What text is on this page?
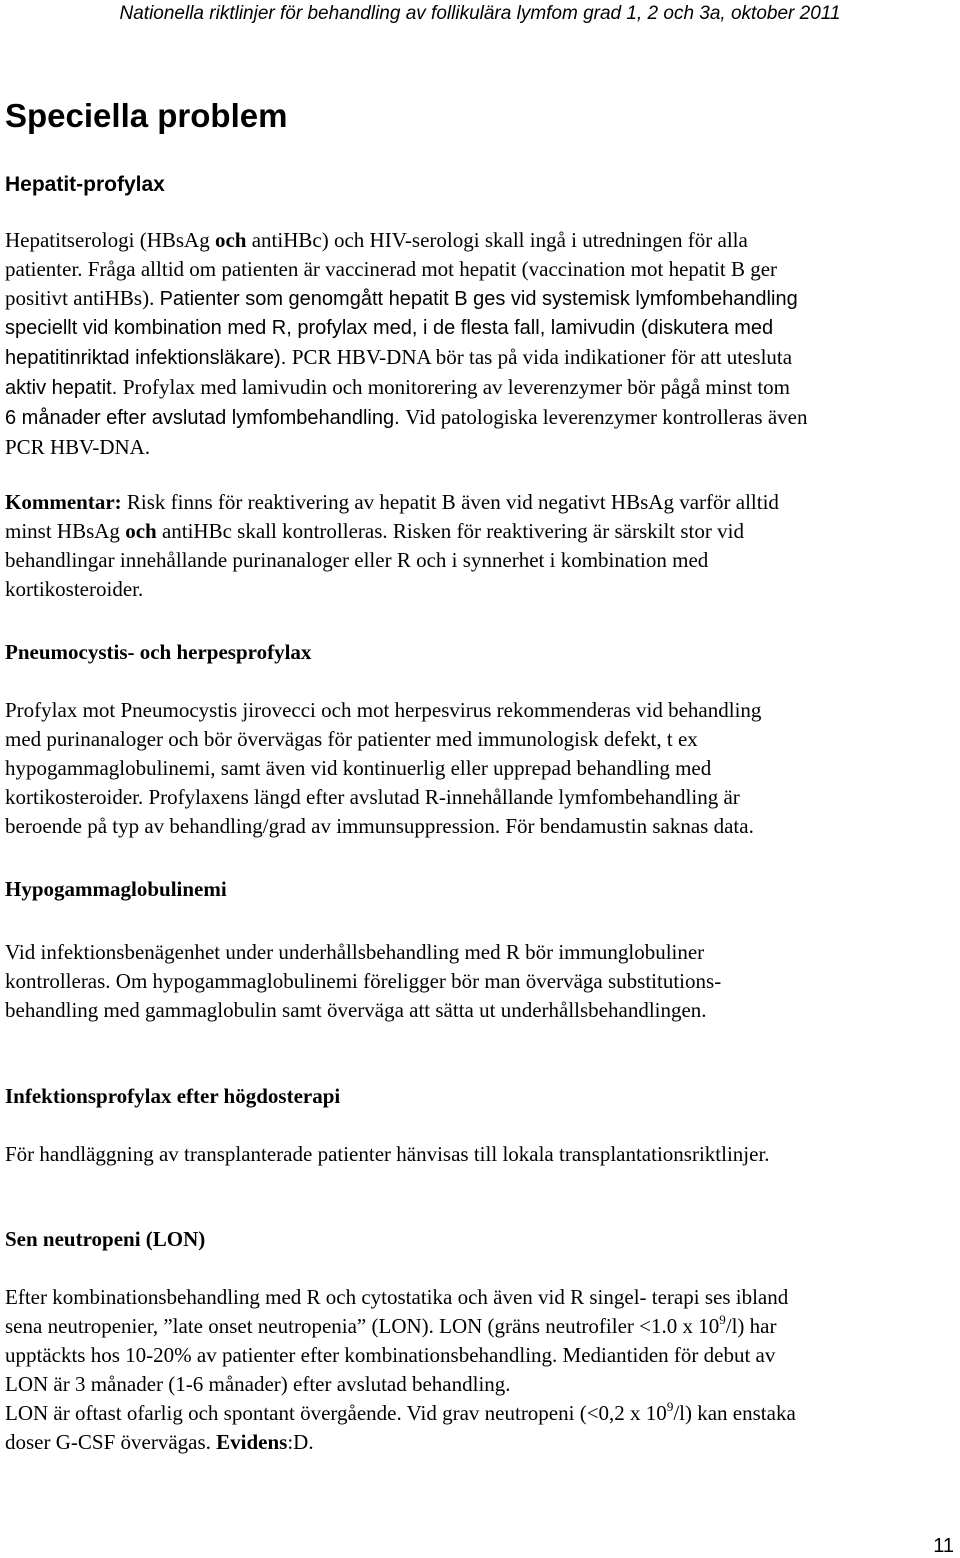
Nationella riktlinjer för behandling av follikulära lymfom grad 1, 2 och 3a, oktober 2011
Speciella problem
Hepatit-profylax
Hepatitserologi (HBsAg och antiHBc) och HIV-serologi skall ingå i utredningen för alla
patienter. Fråga alltid om patienten är vaccinerad mot hepatit (vaccination mot hepatit B ger
positivt antiHBs). Patienter som genomgått hepatit B ges vid systemisk lymfombehandling
speciellt vid kombination med R, profylax med, i de flesta fall, lamivudin (diskutera med
hepatitinriktad infektionsläkare). PCR HBV-DNA bör tas på vida indikationer för att utesluta
aktiv hepatit. Profylax med lamivudin och monitorering av leverenzymer bör pågå minst tom
6 månader efter avslutad lymfombehandling. Vid patologiska leverenzymer kontrolleras även
PCR HBV-DNA.
Kommentar: Risk finns för reaktivering av hepatit B även vid negativt HBsAg varför alltid
minst HBsAg och antiHBc skall kontrolleras. Risken för reaktivering är särskilt stor vid
behandlingar innehållande purinanaloger eller R och i synnerhet i kombination med
kortikosteroider.
Pneumocystis- och herpesprofylax
Profylax mot Pneumocystis jirovecci och mot herpesvirus rekommenderas vid behandling
med purinanaloger och bör övervägas för patienter med immunologisk defekt, t ex
hypogammaglobulinemi, samt även vid kontinuerlig eller upprepad behandling med
kortikosteroider. Profylaxens längd efter avslutad R-innehållande lymfombehandling är
beroende på typ av behandling/grad av immunsuppression. För bendamustin saknas data.
Hypogammaglobulinemi
Vid infektionsbenägenhet under underhållsbehandling med R bör immunglobuliner
kontrolleras. Om hypogammaglobulinemi föreligger bör man överväga substitutions-
behandling med gammaglobulin samt överväga att sätta ut underhållsbehandlingen.
Infektionsprofylax efter högdosterapi
För handläggning av transplanterade patienter hänvisas till lokala transplantationsriktlinjer.
Sen neutropeni (LON)
Efter kombinationsbehandling med R och cytostatika och även vid R singel- terapi ses ibland
sena neutropenier, ”late onset neutropenia” (LON). LON (gräns neutrofiler <1.0 x $10^9/l$) har
upptäckts hos 10-20% av patienter efter kombinationsbehandling. Mediantiden för debut av
LON är 3 månader (1-6 månader) efter avslutad behandling.
LON är oftast ofarlig och spontant övergående. Vid grav neutropeni (<0,2 x $10^9/l$) kan enstaka
doser G-CSF övervägas. Evidens:D.
11
